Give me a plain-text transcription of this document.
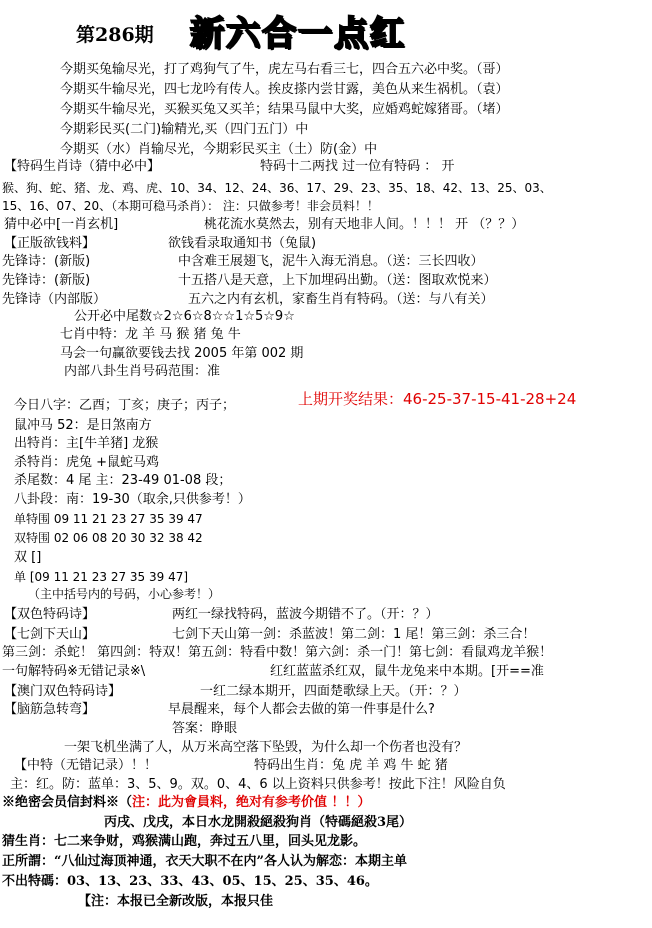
第286期 新六合一点红
今期买兔输尽光，打了鸡狗气了牛，虎左马右看三七，四合五六必中奖。（哥）
今期买牛输尽光，四七龙吟有传人。挨皮搽内尝甘露，美色从来生祸机。（袁）
今期买牛输尽光，买猴买兔又买羊；结果马鼠中大奖，应婚鸡蛇嫁猪哥。（堵）
今期彩民买(二门)输精光,买（四门五门）中
今期买（水）肖输尽光，今期彩民买主（土）防(金）中
【特码生肖诗（猜中必中】	特码十二两找 过一位有特码 ： 开
猴、狗、蛇、猪、龙、鸡、虎、10、34、12、24、36、17、29、23、35、18、42、13、25、03、
15、16、07、20、（本期可稳马杀肖）： 注：只做参考！非会员料！！
猜中必中[一肖玄机]	桃花流水莫然去，别有天地非人间。！！！ 开 （？？）
【正版欲钱料】	欲钱看录取通知书（兔鼠)
先锋诗：(新版)	中含难王展翅飞，泥牛入海无消息。（送：三长四收）
先锋诗：(新版)	十五搭八是天意，上下加埋码出勤。（送：图取欢悦来）
先锋诗（内部版）	五六之内有玄机，家畜生肖有特码。（送：与八有关）
公开必中尾数☆2☆6☆8☆☆1☆5☆9☆
七肖中特：龙 羊 马 猴 猪 兔 牛
马会一句赢欲要钱去找 2005 年第 002 期
内部八卦生肖号码范围：准
上期开奖结果：46-25-37-15-41-28+24
今日八字：乙酉；丁亥；庚子；丙子；
鼠冲马 52：是日煞南方
出特肖：主[牛羊猪] 龙猴
杀特肖：虎兔 +鼠蛇马鸡
杀尾数：4 尾 主：23-49 01-08 段；
八卦段：南：19-30（取余,只供参考！）
单特围 09 11 21 23 27 35 39 47
双特围 02 06 08 20 30 32 38 42
双 []
单 [09 11 21 23 27 35 39 47]
（主中括号内的号码，小心参考！）
【双色特码诗】	两红一绿找特码，蓝波今期错不了。（开：？）
【七剑下天山】	七剑下天山第一剑：杀蓝波！第二剑：1 尾！第三剑：杀三合！
第三剑：杀蛇！ 第四剑：特双！第五剑：特看中数！第六剑：杀一门！第七剑：看鼠鸡龙羊猴！
一句解特码※无错记录※\	红红蓝蓝杀红双，鼠牛龙兔来中本期。[开==准
【澳门双色特码诗】	一红二绿本期开，四面楚歌绿上天。（开：？）
【脑筋急转弯】	早晨醒来，每个人都会去做的第一件事是什么?
答案：睁眼
一架飞机坐满了人，从万米高空落下坠毁，为什么却一个伤者也没有？
【中特（无错记录）！！	特码出生肖：兔 虎 羊 鸡 牛 蛇 猪
主：红。防：蓝单：3、5、9。双。0、4、6 以上资料只供参考！按此下注！风险自负
※绝密会员信封料※（注：此为會員料，绝对有参考价值 ！！）
丙戌、戊戌，本日水龙開殺絕殺狗肖（特碼絕殺3尾）
猜生肖：七二来争财，鸡猴满山跑，奔过五八里，回头见龙影。
正所謂：“八仙过海顶神通，衣天大职不在内”各人认为解恋：本期主单
不出特碼：03、13、23、33、43、05、15、25、35、46。
【注：本报已全新改版，本报只佳
